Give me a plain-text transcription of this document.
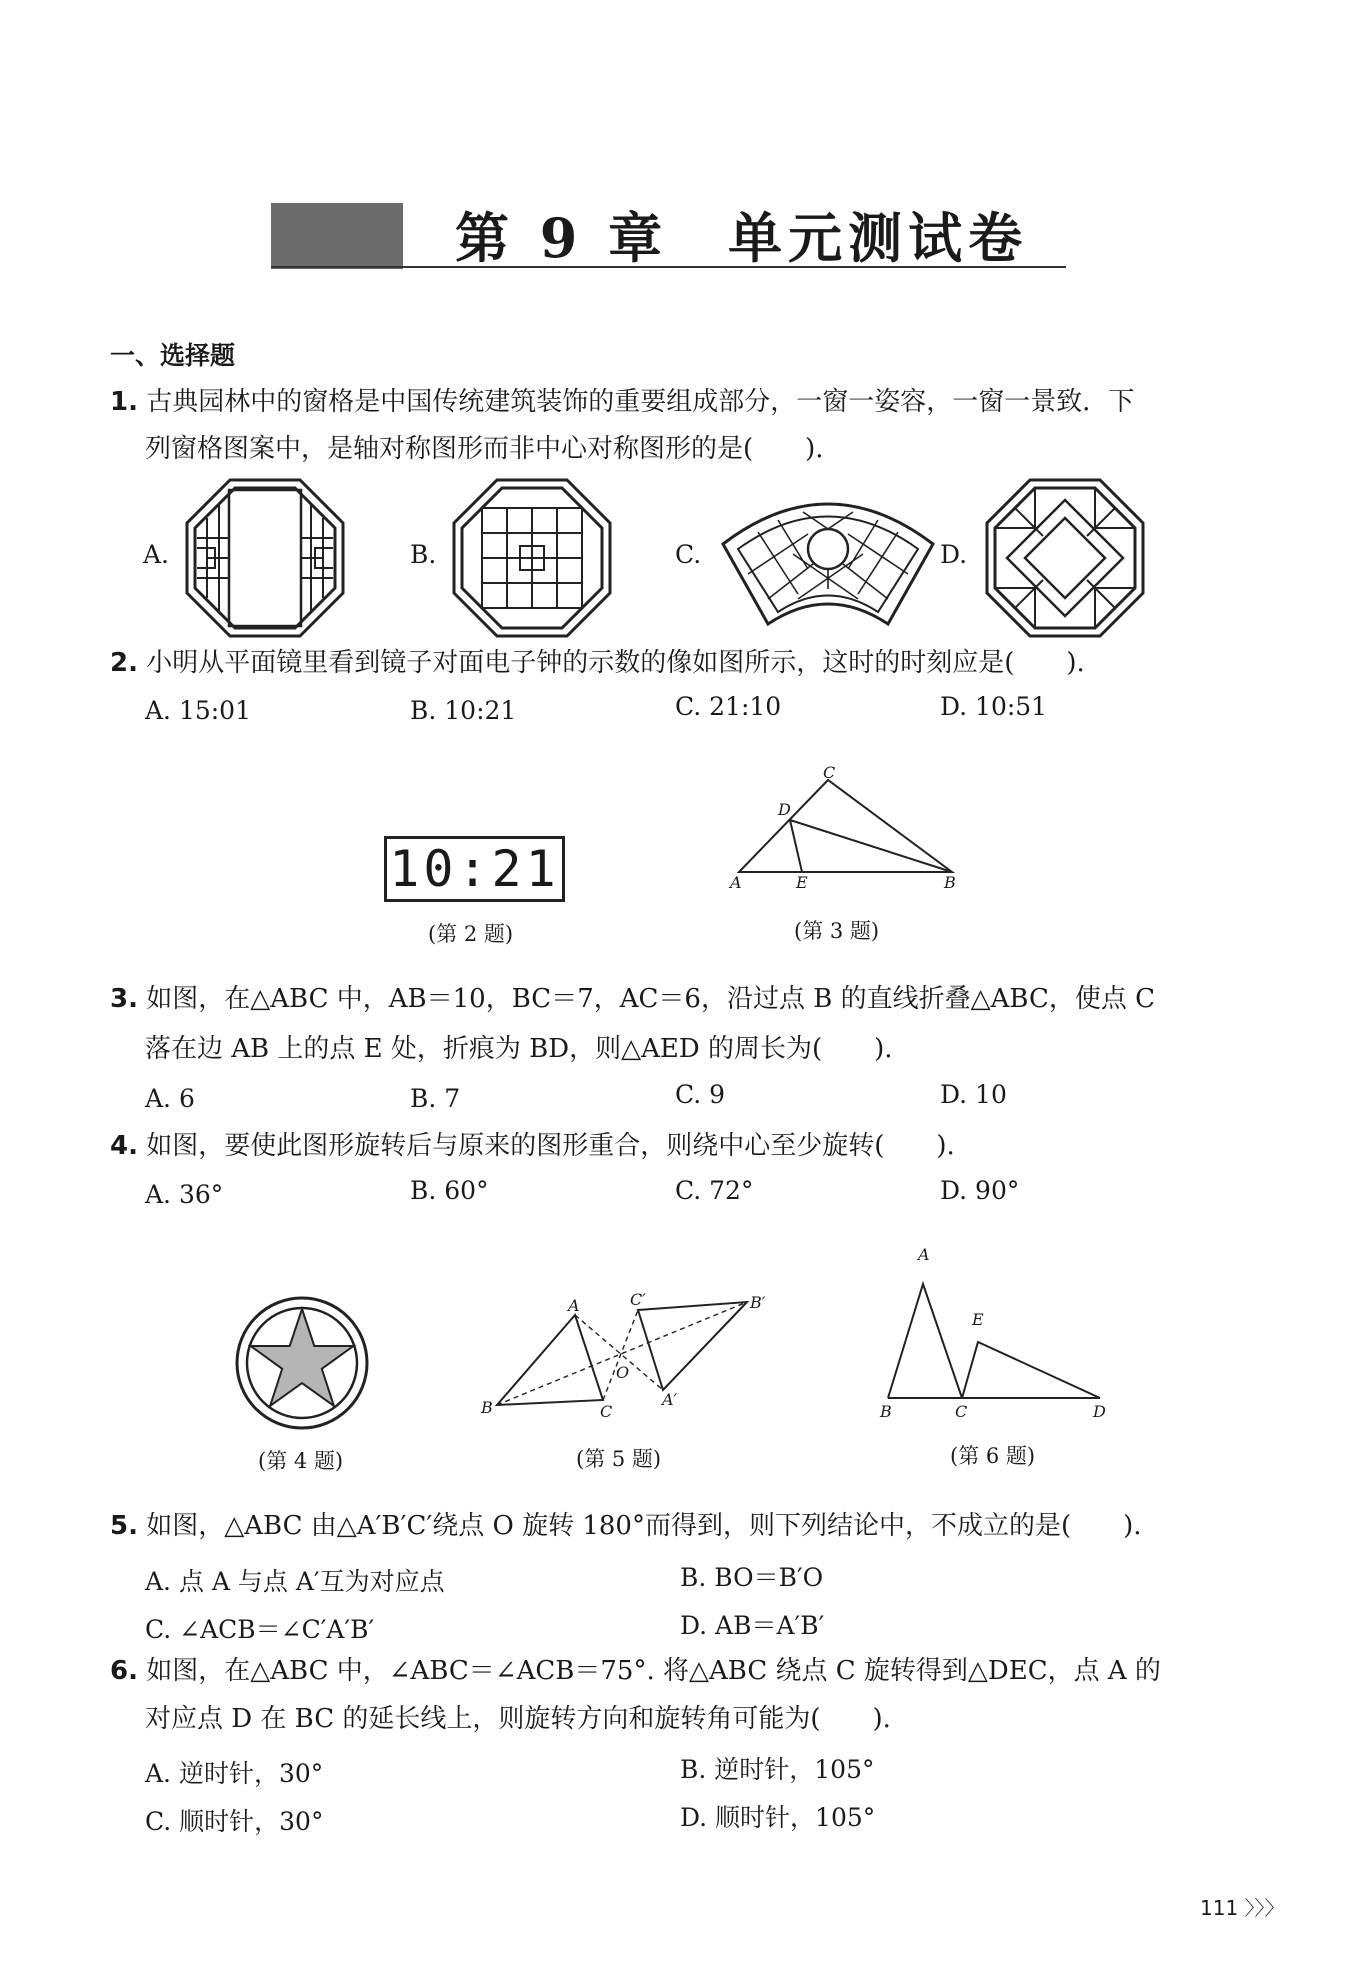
第 9 章　单元测试卷
一、选择题
1. 古典园林中的窗格是中国传统建筑装饰的重要组成部分，一窗一姿容，一窗一景致．下
列窗格图案中，是轴对称图形而非中心对称图形的是(　　).
A.	B.	C.	D.
2. 小明从平面镜里看到镜子对面电子钟的示数的像如图所示，这时的时刻应是(　　).
A. 15:01	B. 10:21	C. 21:10	D. 10:51
10:21
(第 2 题)
C
D
A	E	B
(第 3 题)
3. 如图，在△ABC 中，AB＝10，BC＝7，AC＝6，沿过点 B 的直线折叠△ABC，使点 C
落在边 AB 上的点 E 处，折痕为 BD，则△AED 的周长为(　　).
A. 6	B. 7	C. 9	D. 10
4. 如图，要使此图形旋转后与原来的图形重合，则绕中心至少旋转(　　).
A. 36°	B. 60°	C. 72°	D. 90°
(第 4 题)
A
B	C
O
C′	B′
A′
(第 5 题)
A
E
B	C	D
(第 6 题)
5. 如图，△ABC 由△A′B′C′绕点 O 旋转 180°而得到，则下列结论中，不成立的是(　　).
A. 点 A 与点 A′互为对应点	B. BO＝B′O
C. ∠ACB＝∠C′A′B′	D. AB＝A′B′
6. 如图，在△ABC 中，∠ABC＝∠ACB＝75°. 将△ABC 绕点 C 旋转得到△DEC，点 A 的
对应点 D 在 BC 的延长线上，则旋转方向和旋转角可能为(　　).
A. 逆时针，30°	B. 逆时针，105°
C. 顺时针，30°	D. 顺时针，105°
111 〉〉〉
